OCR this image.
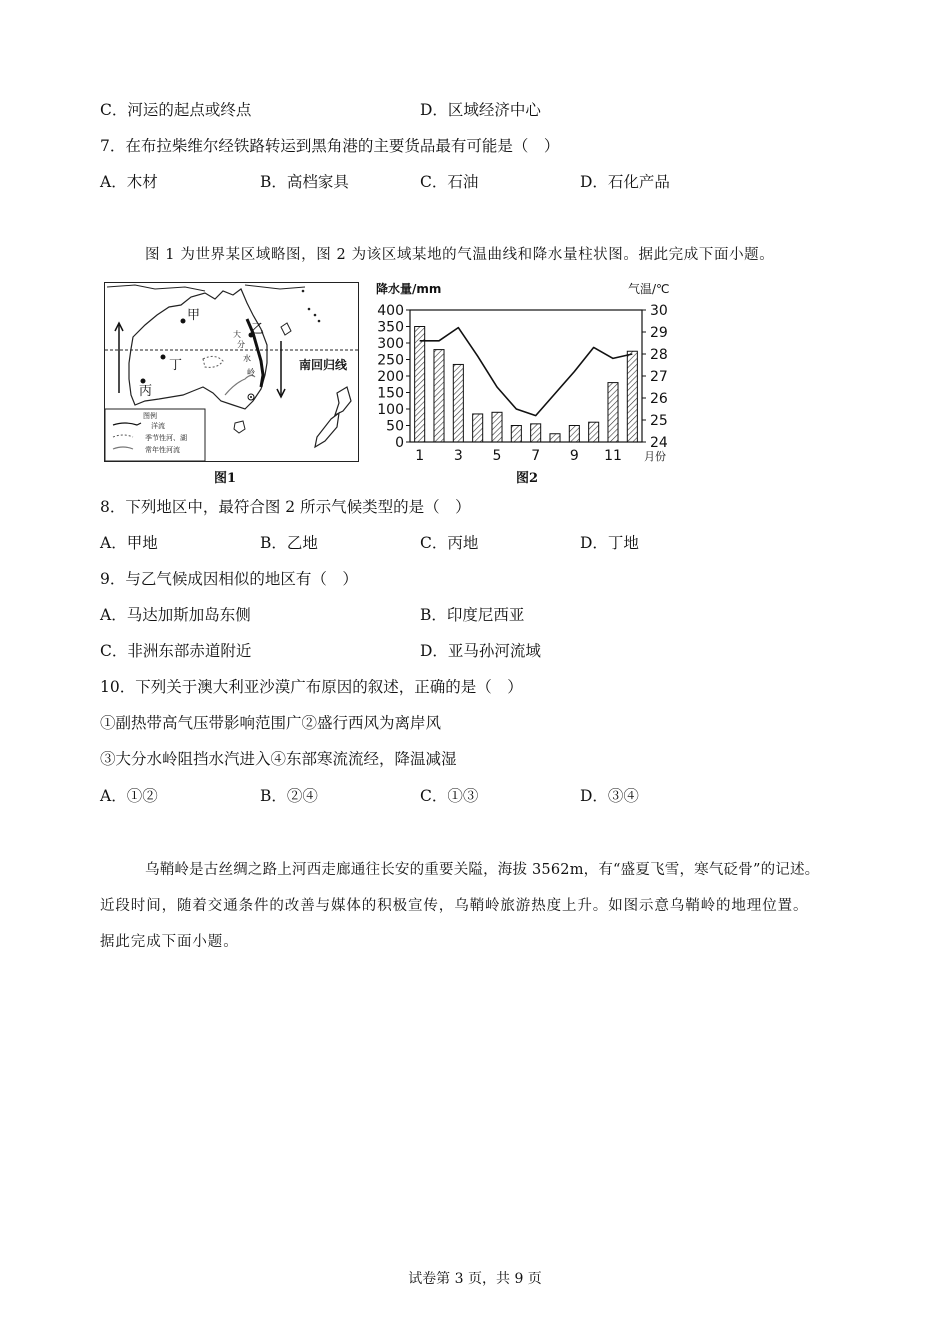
C．河运的起点或终点	D．区域经济中心
7．在布拉柴维尔经铁路转运到黑角港的主要货品最有可能是（　）
A．木材	B．高档家具	C．石油	D．石化产品
图 1 为世界某区域略图，图 2 为该区域某地的气温曲线和降水量柱状图。据此完成下面小题。
甲
乙
丁
丙
大
分
水
岭
南回归线
图例
洋流
季节性河、湖
常年性河流
图1
降水量/mm	气温/℃
0
50
100
150
200
250
300
350
400
24
25
26
27
28
29
30
1 3 5 7 9 11 月份
图2
8．下列地区中，最符合图 2 所示气候类型的是（　）
A．甲地	B．乙地	C．丙地	D．丁地
9．与乙气候成因相似的地区有（　）
A．马达加斯加岛东侧	B．印度尼西亚
C．非洲东部赤道附近	D．亚马孙河流域
10．下列关于澳大利亚沙漠广布原因的叙述，正确的是（　）
①副热带高气压带影响范围广②盛行西风为离岸风
③大分水岭阻挡水汽进入④东部寒流流经，降温减湿
A．①②	B．②④	C．①③	D．③④
乌鞘岭是古丝绸之路上河西走廊通往长安的重要关隘，海拔 3562m，有“盛夏飞雪，寒气砭骨”的记述。
近段时间，随着交通条件的改善与媒体的积极宣传，乌鞘岭旅游热度上升。如图示意乌鞘岭的地理位置。
据此完成下面小题。
试卷第 3 页，共 9 页
